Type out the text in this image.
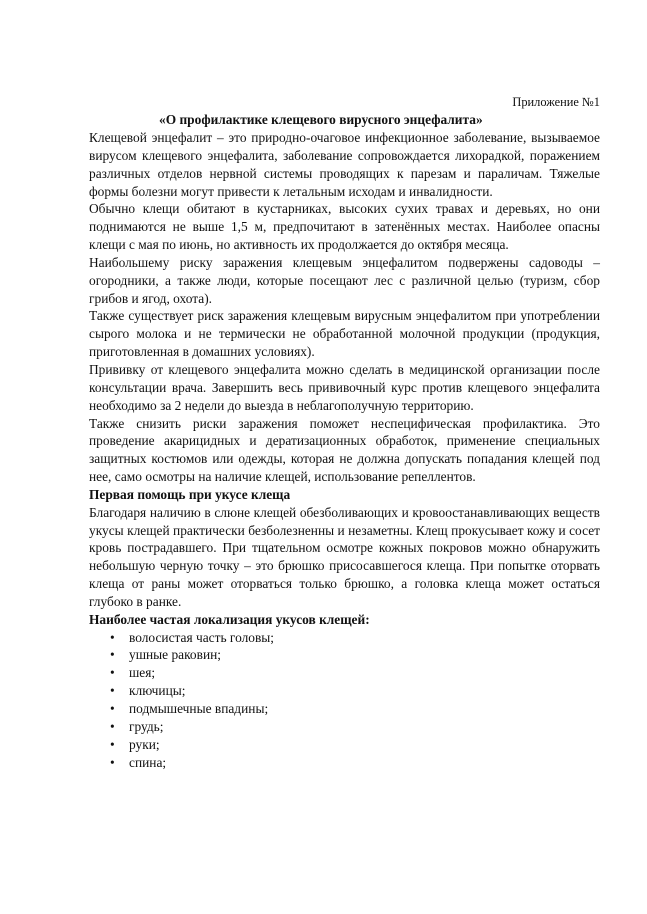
Приложение №1
«О профилактике клещевого вирусного энцефалита»

Клещевой энцефалит – это природно-очаговое инфекционное заболевание, вызываемое вирусом клещевого энцефалита, заболевание сопровождается лихорадкой, поражением различных отделов нервной системы проводящих к парезам и параличам. Тяжелые формы болезни могут привести к летальным исходам и инвалидности.

Обычно клещи обитают в кустарниках, высоких сухих травах и деревьях, но они поднимаются не выше 1,5 м, предпочитают в затенённых местах. Наиболее опасны клещи с мая по июнь, но активность их продолжается до октября месяца.

Наибольшему риску заражения клещевым энцефалитом подвержены садоводы – огородники, а также люди, которые посещают лес с различной целью (туризм, сбор грибов и ягод, охота).

Также существует риск заражения клещевым вирусным энцефалитом при употреблении сырого молока и не термически не обработанной молочной продукции (продукция, приготовленная в домашних условиях).

Прививку от клещевого энцефалита можно сделать в медицинской организации после консультации врача. Завершить весь прививочный курс против клещевого энцефалита необходимо за 2 недели до выезда в неблагополучную территорию.

Также снизить риски заражения поможет неспецифическая профилактика. Это проведение акарицидных и дератизационных обработок, применение специальных защитных костюмов или одежды, которая не должна допускать попадания клещей под нее, само осмотры на наличие клещей, использование репеллентов.

Первая помощь при укусе клеща

Благодаря наличию в слюне клещей обезболивающих и кровоостанавливающих веществ укусы клещей практически безболезненны и незаметны. Клещ прокусывает кожу и сосет кровь пострадавшего. При тщательном осмотре кожных покровов можно обнаружить небольшую черную точку – это брюшко присосавшегося клеща. При попытке оторвать клеща от раны может оторваться только брюшко, а головка клеща может остаться глубоко в ранке.

Наиболее частая локализация укусов клещей:
• волосистая часть головы;
• ушные раковин;
• шея;
• ключицы;
• подмышечные впадины;
• грудь;
• руки;
• спина;
